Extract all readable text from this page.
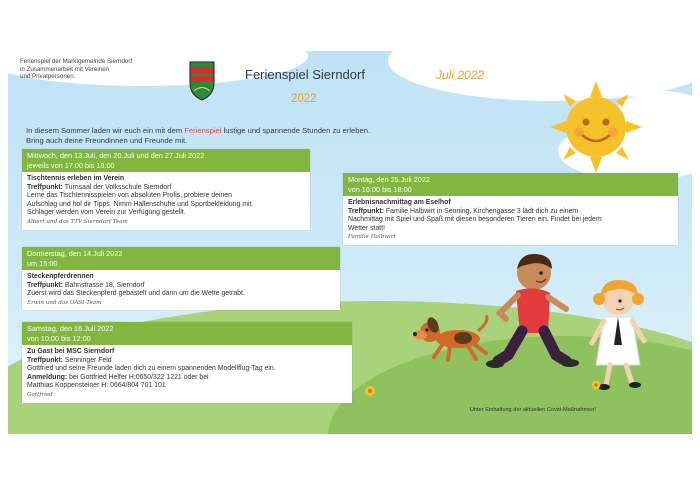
Ferienspiel der Marktgemeinde Sierndorf
in Zusammenarbeit mit Vereinen
und Privatpersonen.	Ferienspiel Sierndorf
2022
Juli 2022
In diesem Sommer laden wir euch ein mit dem Ferienspiel lustige und spannende Stunden zu erleben.
Bring auch deine Freundinnen und Freunde mit.
Mittwoch, den 13.Juli, den 20.Juli und den 27.Juli 2022
jeweils von 17:00 bis 18:00
Tischtennis erleben im Verein
Treffpunkt: Turnsaal der Volksschule Sierndorf
Lerne das Tischtennisspielen von absoluten Profis, probiere deinen
Aufschlag und hol dir Tipps. Nimm Hallenschuhe und Sportbekleidung mit.
Schläger werden vom Verein zur Verfügung gestellt.
Albert und das TTV Sierndorf Team
Donnerstag, den 14.Juli 2022
um 15:00
Steckenpferdrennen
Treffpunkt: Bahnstrasse 18, Sierndorf
Zuerst wird das Steckenpferd gebastelt und dann um die Wette getrabt.
Erwin und das OASI-Team
Samstag, den 16.Juli 2022
von 10:00 bis 12:00
Zu Gast bei MSC Sierndorf
Treffpunkt: Senninger Feld
Gottfried und seine Freunde laden dich zu einem spannenden Modellflug-Tag ein.
Anmeldung: bei Gottfried Helfer H:0650/322 1221 oder bei
Matthias Koppensteiner H: 0664/804 701 101
Gottfried
Montag, den 25.Juli 2022
von 16:00 bis 18:00
Erlebnisnachmittag am Eselhof
Treffpunkt: Familie Halbwirt in Senning, Kirchengasse 3 lädt dich zu einem
Nachmittag mit Spiel und Spaß mit diesen besonderen Tieren ein. Findet bei jedem
Wetter statt!
Familie Halbwirt
Unter Einhaltung der aktuellen Covid-Maßnahmen!
